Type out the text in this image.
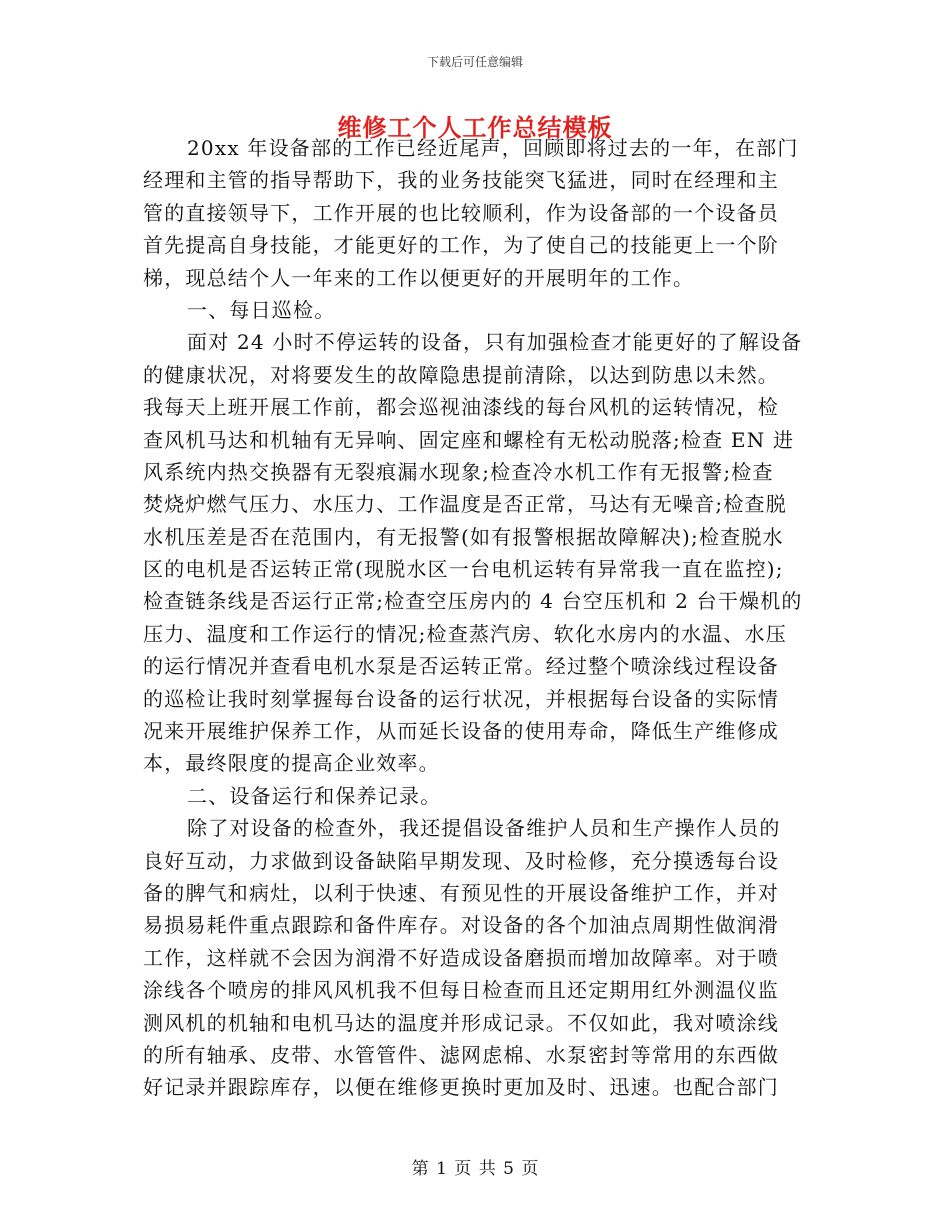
下载后可任意编辑
维修工个人工作总结模板
20xx 年设备部的工作已经近尾声，回顾即将过去的一年，在部门
经理和主管的指导帮助下，我的业务技能突飞猛进，同时在经理和主
管的直接领导下，工作开展的也比较顺利，作为设备部的一个设备员
首先提高自身技能，才能更好的工作，为了使自己的技能更上一个阶
梯，现总结个人一年来的工作以便更好的开展明年的工作。
一、每日巡检。
面对 24 小时不停运转的设备，只有加强检查才能更好的了解设备
的健康状况，对将要发生的故障隐患提前清除，以达到防患以未然。
我每天上班开展工作前，都会巡视油漆线的每台风机的运转情况，检
查风机马达和机轴有无异响、固定座和螺栓有无松动脱落;检查 EN 进
风系统内热交换器有无裂痕漏水现象;检查冷水机工作有无报警;检查
焚烧炉燃气压力、水压力、工作温度是否正常，马达有无噪音;检查脱
水机压差是否在范围内，有无报警(如有报警根据故障解决);检查脱水
区的电机是否运转正常(现脱水区一台电机运转有异常我一直在监控);
检查链条线是否运行正常;检查空压房内的 4 台空压机和 2 台干燥机的
压力、温度和工作运行的情况;检查蒸汽房、软化水房内的水温、水压
的运行情况并查看电机水泵是否运转正常。经过整个喷涂线过程设备
的巡检让我时刻掌握每台设备的运行状况，并根据每台设备的实际情
况来开展维护保养工作，从而延长设备的使用寿命，降低生产维修成
本，最终限度的提高企业效率。
二、设备运行和保养记录。
除了对设备的检查外，我还提倡设备维护人员和生产操作人员的
良好互动，力求做到设备缺陷早期发现、及时检修，充分摸透每台设
备的脾气和病灶，以利于快速、有预见性的开展设备维护工作，并对
易损易耗件重点跟踪和备件库存。对设备的各个加油点周期性做润滑
工作，这样就不会因为润滑不好造成设备磨损而增加故障率。对于喷
涂线各个喷房的排风风机我不但每日检查而且还定期用红外测温仪监
测风机的机轴和电机马达的温度并形成记录。不仅如此，我对喷涂线
的所有轴承、皮带、水管管件、滤网虑棉、水泵密封等常用的东西做
好记录并跟踪库存，以便在维修更换时更加及时、迅速。也配合部门
第 1 页 共 5 页
